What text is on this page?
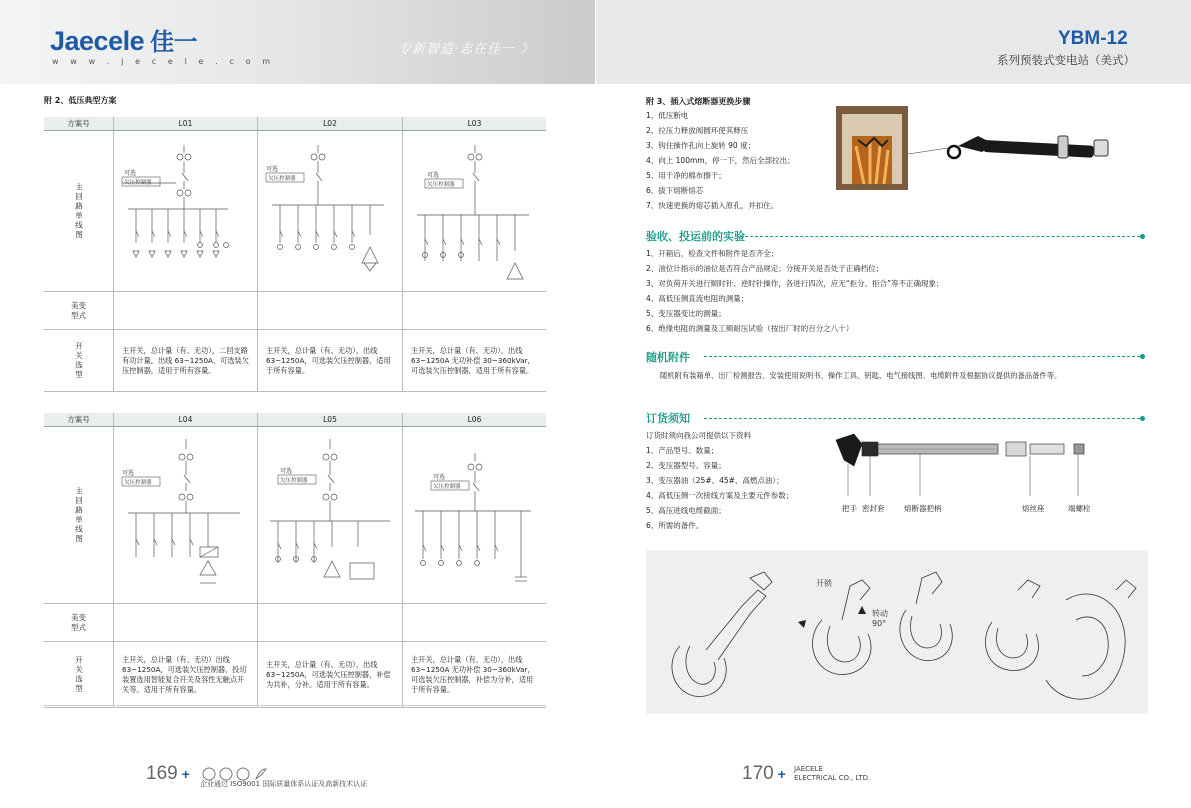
Jaecele 佳一
w w w . j e c e l e . c o m
专新智造·志在佳一 》
YBM-12
系列预装式变电站（美式）
附 2、低压典型方案
方案号	L01	L02	L03

主回路单线图	可选
欠压控制器	可选
欠压控制器	可选
欠压控制器

美变
型式			

开关选型	主开关，总计量（有、无功），二回支路有功计量，出线 63~1250A，可选装欠压控制器，适用于所有容量。	主开关，总计量（有、无功），出线 63~1250A，可选装欠压控制器，适用于所有容量。	主开关，总计量（有、无功），出线 63~1250A 无功补偿 30~360kVar，可选装欠压控制器，适用于所有容量。
方案号	L04	L05	L06

主回路单线图	可选
欠压控制器	可选
欠压控制器	可选
欠压控制器

美变
型式			

开关选型	主开关，总计量（有、无功）出线 63~1250A，可选装欠压控制器，投切装置选用智能复合开关及容性无触点开关等。适用于所有容量。	主开关，总计量（有、无功），出线 63~1250A，可选装欠压控制器，补偿为共补，分补。适用于所有容量。	主开关，总计量（有、无功），出线 63~1250A 无功补偿 30~360kVar，可选装欠压控制器，补偿为分补，适用于所有容量。
169 +
企业通过 ISO9001 国际质量体系认证及高新技术认证
附 3、插入式熔断器更换步骤

1、低压断电

2、拉压力释放阀圆环使其释压

3、钩住操作孔向上旋转 90 度；

4、向上 100mm，停一下，然后全部拉出；

5、用干净的棉布擦干；

6、拔下熔断熔芯

7、快速更换的熔芯插入原孔，并扣住。

验收、投运前的实验

1、开箱后，检查文件和附件是否齐全；

2、油位计指示的油位是否符合产品规定；分接开关是否处于正确档位；

3、对负荷开关进行顺时针、逆时针操作，各进行四次，应无“拒分、拒合”等不正确现象；

4、高低压侧直流电阻的测量；

5、变压器变比的测量；

6、绝缘电阻的测量及工频耐压试验（按出厂时的百分之八十）

随机附件
随机附有装箱单、出厂检测报告、安装使用说明书、操作工具、钥匙、电气接线图、电缆附件及根据协议提供的备品备件等。
订货须知

订货时须向我公司提供以下资料

1、产品型号、数量；

2、变压器型号、容量；

3、变压器油（25#、45#、高燃点油）；

4、高低压侧一次接线方案及主要元件参数；

5、高压进线电缆截面；

6、所需的备件。

把手 密封套	熔断器把柄	熔丝座	端螺栓
开锁
转动
90°
170 + JAECELE
ELECTRICAL CO., LTD.
